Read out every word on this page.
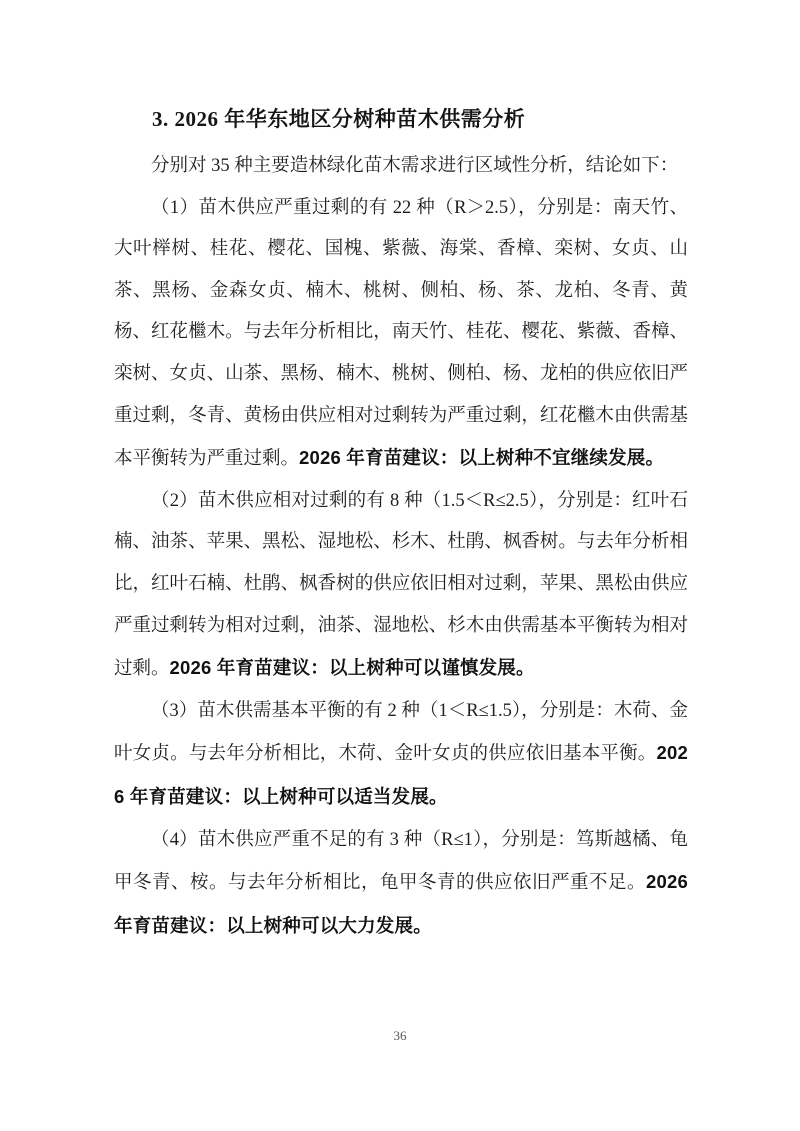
3. 2026 年华东地区分树种苗木供需分析

分别对 35 种主要造林绿化苗木需求进行区域性分析，结论如下：

（1）苗木供应严重过剩的有 22 种（R＞2.5），分别是：南天竹、大叶榉树、桂花、樱花、国槐、紫薇、海棠、香樟、栾树、女贞、山茶、黑杨、金森女贞、楠木、桃树、侧柏、杨、茶、龙柏、冬青、黄杨、红花檵木。与去年分析相比，南天竹、桂花、樱花、紫薇、香樟、栾树、女贞、山茶、黑杨、楠木、桃树、侧柏、杨、龙柏的供应依旧严重过剩，冬青、黄杨由供应相对过剩转为严重过剩，红花檵木由供需基本平衡转为严重过剩。2026 年育苗建议：以上树种不宜继续发展。

（2）苗木供应相对过剩的有 8 种（1.5＜R≤2.5），分别是：红叶石楠、油茶、苹果、黑松、湿地松、杉木、杜鹃、枫香树。与去年分析相比，红叶石楠、杜鹃、枫香树的供应依旧相对过剩，苹果、黑松由供应严重过剩转为相对过剩，油茶、湿地松、杉木由供需基本平衡转为相对过剩。2026 年育苗建议：以上树种可以谨慎发展。

（3）苗木供需基本平衡的有 2 种（1＜R≤1.5），分别是：木荷、金叶女贞。与去年分析相比，木荷、金叶女贞的供应依旧基本平衡。2026 年育苗建议：以上树种可以适当发展。

（4）苗木供应严重不足的有 3 种（R≤1），分别是：笃斯越橘、龟甲冬青、桉。与去年分析相比，龟甲冬青的供应依旧严重不足。2026 年育苗建议：以上树种可以大力发展。

36
